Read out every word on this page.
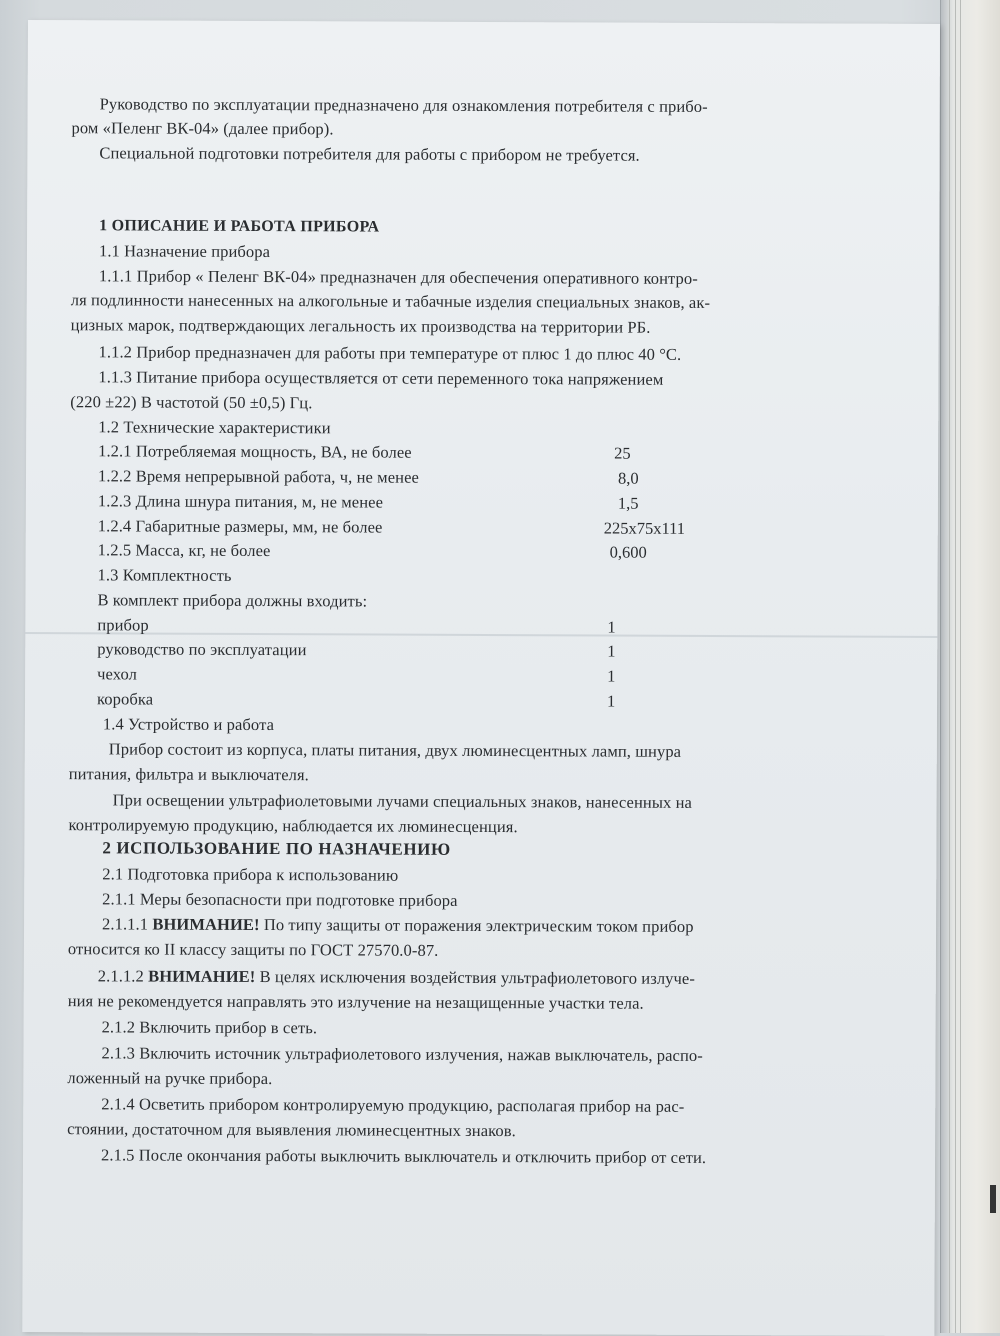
Руководство по эксплуатации предназначено для ознакомления потребителя с прибо-
ром «Пеленг ВК-04» (далее прибор).
Специальной подготовки потребителя для работы с прибором не требуется.
1 ОПИСАНИЕ И РАБОТА ПРИБОРА
1.1 Назначение прибора
1.1.1 Прибор « Пеленг ВК-04» предназначен для обеспечения оперативного контро-
ля подлинности нанесенных на алкогольные и табачные изделия специальных знаков, ак-
цизных марок, подтверждающих легальность их производства на территории РБ.
1.1.2 Прибор предназначен для работы при температуре от плюс 1 до плюс 40 °С.
1.1.3 Питание прибора осуществляется от сети переменного тока напряжением
(220 ±22) В частотой (50 ±0,5) Гц.
1.2 Технические характеристики
1.2.1 Потребляемая мощность, ВА, не более	25
1.2.2 Время непрерывной работа, ч, не менее	8,0
1.2.3 Длина шнура питания, м, не менее	1,5
1.2.4 Габаритные размеры, мм, не более	225х75х111
1.2.5 Масса, кг, не более	0,600
1.3 Комплектность
В комплект прибора должны входить:
прибор	1
руководство по эксплуатации	1
чехол	1
коробка	1
1.4 Устройство и работа
Прибор состоит из корпуса, платы питания, двух люминесцентных ламп, шнура
питания, фильтра и выключателя.
При освещении ультрафиолетовыми лучами специальных знаков, нанесенных на
контролируемую продукцию, наблюдается их люминесценция.
2 ИСПОЛЬЗОВАНИЕ ПО НАЗНАЧЕНИЮ
2.1 Подготовка прибора к использованию
2.1.1 Меры безопасности при подготовке прибора
2.1.1.1 ВНИМАНИЕ! По типу защиты от поражения электрическим током прибор
относится ко II классу защиты по ГОСТ 27570.0-87.
2.1.1.2 ВНИМАНИЕ! В целях исключения воздействия ультрафиолетового излуче-
ния не рекомендуется направлять это излучение на незащищенные участки тела.
2.1.2 Включить прибор в сеть.
2.1.3 Включить источник ультрафиолетового излучения, нажав выключатель, распо-
ложенный на ручке прибора.
2.1.4 Осветить прибором контролируемую продукцию, располагая прибор на рас-
стоянии, достаточном для выявления люминесцентных знаков.
2.1.5 После окончания работы выключить выключатель и отключить прибор от сети.
